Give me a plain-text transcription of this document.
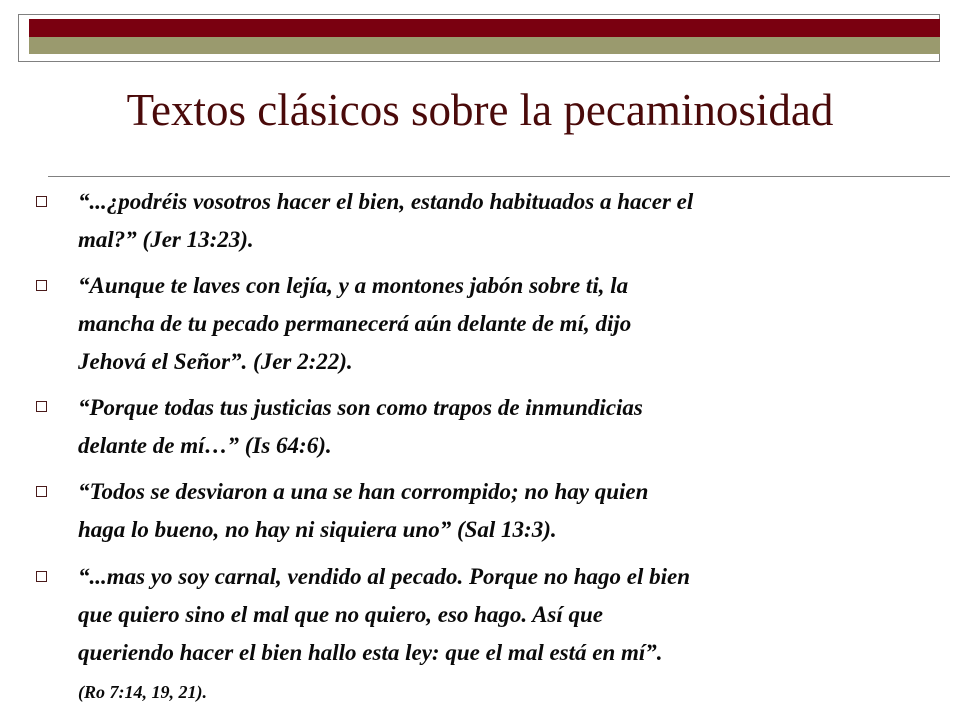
Textos clásicos sobre la pecaminosidad
“...¿podréis vosotros hacer el bien, estando habituados a hacer el
mal?” (Jer 13:23).
“Aunque te laves con lejía, y a montones jabón sobre ti, la
mancha de tu pecado permanecerá aún delante de mí, dijo
Jehová el Señor”. (Jer 2:22).
“Porque todas tus justicias son como trapos de inmundicias
delante de mí…” (Is 64:6).
“Todos se desviaron a una se han corrompido; no hay quien
haga lo bueno, no hay ni siquiera uno” (Sal 13:3).
“...mas yo soy carnal, vendido al pecado. Porque no hago el bien
que quiero sino el mal que no quiero, eso hago. Así que
queriendo hacer el bien hallo esta ley: que el mal está en mí”.
(Ro 7:14, 19, 21).
